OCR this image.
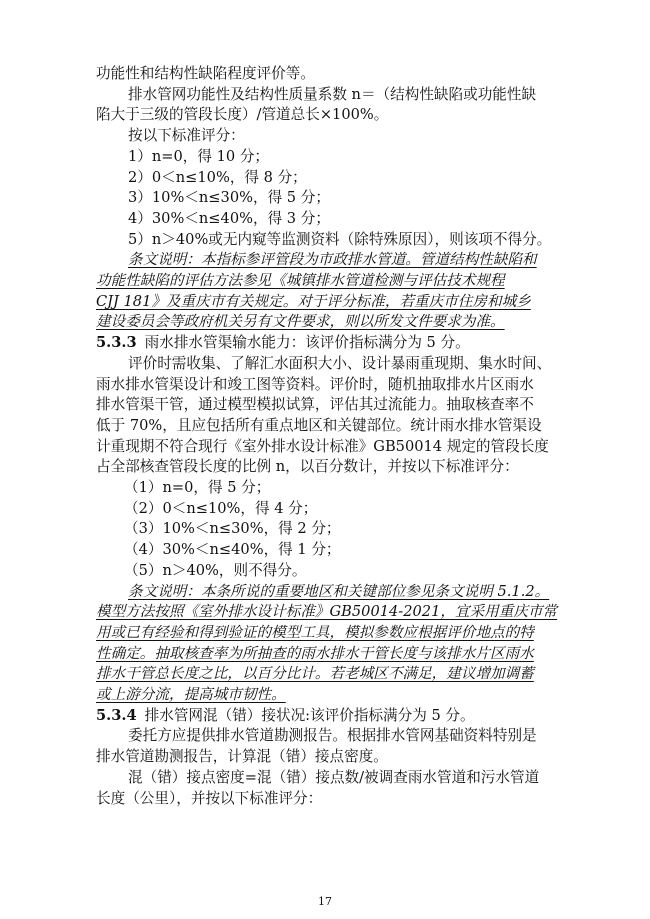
功能性和结构性缺陷程度评价等。
排水管网功能性及结构性质量系数 n＝（结构性缺陷或功能性缺
陷大于三级的管段长度）/管道总长×100%。
按以下标准评分：
1）n=0，得 10 分；
2）0＜n≤10%，得 8 分；
3）10%＜n≤30%，得 5 分；
4）30%＜n≤40%，得 3 分；
5）n＞40%或无内窥等监测资料（除特殊原因），则该项不得分。
条文说明：本指标参评管段为市政排水管道。管道结构性缺陷和
功能性缺陷的评估方法参见《城镇排水管道检测与评估技术规程
CJJ 181》及重庆市有关规定。对于评分标准，若重庆市住房和城乡
建设委员会等政府机关另有文件要求，则以所发文件要求为准。
5.3.3 雨水排水管渠输水能力：该评价指标满分为 5 分。
评价时需收集、了解汇水面积大小、设计暴雨重现期、集水时间、
雨水排水管渠设计和竣工图等资料。评价时，随机抽取排水片区雨水
排水管渠干管，通过模型模拟试算，评估其过流能力。抽取核查率不
低于 70%，且应包括所有重点地区和关键部位。统计雨水排水管渠设
计重现期不符合现行《室外排水设计标准》GB50014 规定的管段长度
占全部核查管段长度的比例 n，以百分数计，并按以下标准评分：
（1）n=0，得 5 分；
（2）0＜n≤10%，得 4 分；
（3）10%＜n≤30%，得 2 分；
（4）30%＜n≤40%，得 1 分；
（5）n＞40%，则不得分。
条文说明：本条所说的重要地区和关键部位参见条文说明 5.1.2。
模型方法按照《室外排水设计标准》GB50014-2021，宜采用重庆市常
用或已有经验和得到验证的模型工具，模拟参数应根据评价地点的特
性确定。抽取核查率为所抽查的雨水排水干管长度与该排水片区雨水
排水干管总长度之比，以百分比计。若老城区不满足，建议增加调蓄
或上游分流，提高城市韧性。
5.3.4 排水管网混（错）接状况:该评价指标满分为 5 分。
委托方应提供排水管道勘测报告。根据排水管网基础资料特别是
排水管道勘测报告，计算混（错）接点密度。
混（错）接点密度=混（错）接点数/被调查雨水管道和污水管道
长度（公里），并按以下标准评分：
17
